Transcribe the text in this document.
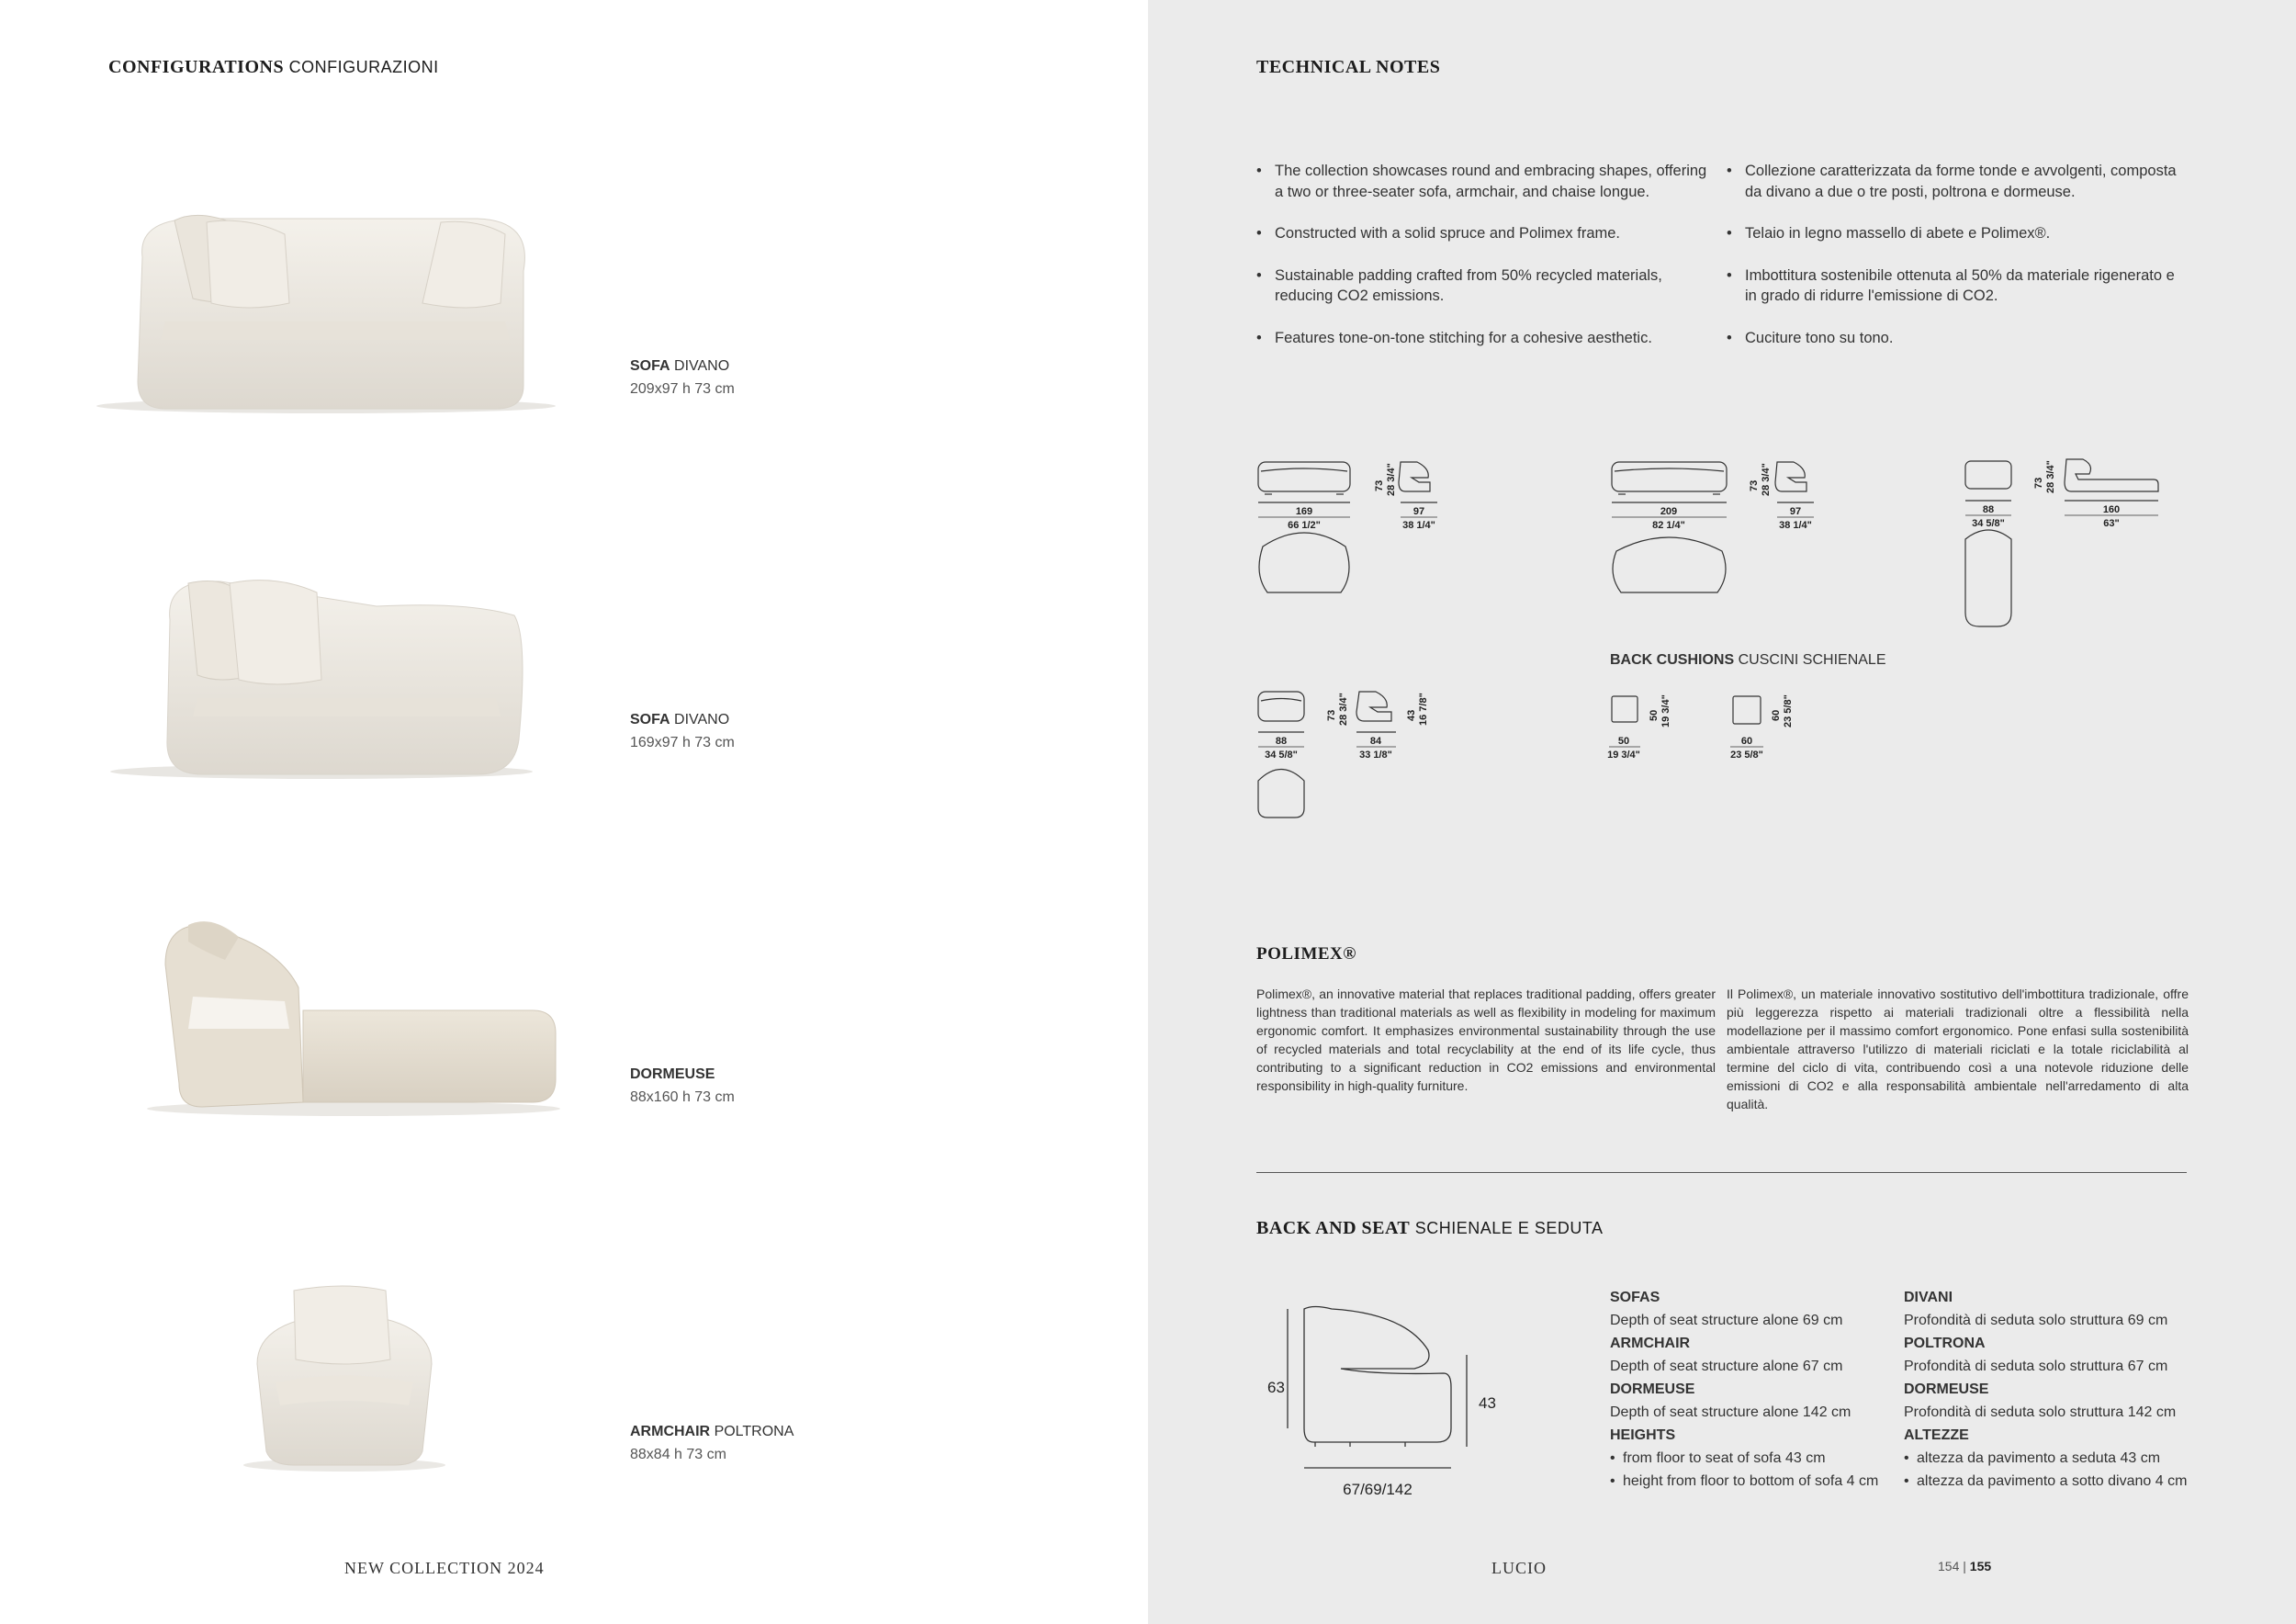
CONFIGURATIONS CONFIGURAZIONI
SOFA DIVANO
209x97 h 73 cm
SOFA DIVANO
169x97 h 73 cm
DORMEUSE
88x160 h 73 cm
ARMCHAIR POLTRONA
88x84 h 73 cm
NEW COLLECTION 2024
TECHNICAL NOTES
• The collection showcases round and embracing shapes, offering a two or three-seater sofa, armchair, and chaise longue.
• Constructed with a solid spruce and Polimex frame.
• Sustainable padding crafted from 50% recycled materials, reducing CO2 emissions.
• Features tone-on-tone stitching for a cohesive aesthetic.
• Collezione caratterizzata da forme tonde e avvolgenti, composta da divano a due o tre posti, poltrona e dormeuse.
• Telaio in legno massello di abete e Polimex®.
• Imbottitura sostenibile ottenuta al 50% da materiale rigenerato e in grado di ridurre l'emissione di CO2.
• Cuciture tono su tono.
169
66 1/2"
97
38 1/4"
73 28 3/4"
209
82 1/4"
97
38 1/4"
73 28 3/4"
88
34 5/8"
160
63"
73 28 3/4"
BACK CUSHIONS CUSCINI SCHIENALE
88
34 5/8"
84
33 1/8"
73 28 3/4"	43 16 7/8"
50
19 3/4"
50 19 3/4"
60
23 5/8"
60 23 5/8"
POLIMEX®
Polimex®, an innovative material that replaces traditional padding, offers greater lightness than traditional materials as well as flexibility in modeling for maximum ergonomic comfort. It emphasizes environmental sustainability through the use of recycled materials and total recyclability at the end of its life cycle, thus contributing to a significant reduction in CO2 emissions and environmental responsibility in high-quality furniture.
Il Polimex®, un materiale innovativo sostitutivo dell'imbottitura tradizionale, offre più leggerezza rispetto ai materiali tradizionali oltre a flessibilità nella modellazione per il massimo comfort ergonomico. Pone enfasi sulla sostenibilità ambientale attraverso l'utilizzo di materiali riciclati e la totale riciclabilità al termine del ciclo di vita, contribuendo così a una notevole riduzione delle emissioni di CO2 e alla responsabilità ambientale nell'arredamento di alta qualità.
BACK AND SEAT SCHIENALE E SEDUTA
63
43
67/69/142
SOFAS
Depth of seat structure alone 69 cm
ARMCHAIR
Depth of seat structure alone 67 cm
DORMEUSE
Depth of seat structure alone 142 cm
HEIGHTS
• from floor to seat of sofa 43 cm
• height from floor to bottom of sofa 4 cm
DIVANI
Profondità di seduta solo struttura 69 cm
POLTRONA
Profondità di seduta solo struttura 67 cm
DORMEUSE
Profondità di seduta solo struttura 142 cm
ALTEZZE
• altezza da pavimento a seduta 43 cm
• altezza da pavimento a sotto divano 4 cm
LUCIO	154 | 155
